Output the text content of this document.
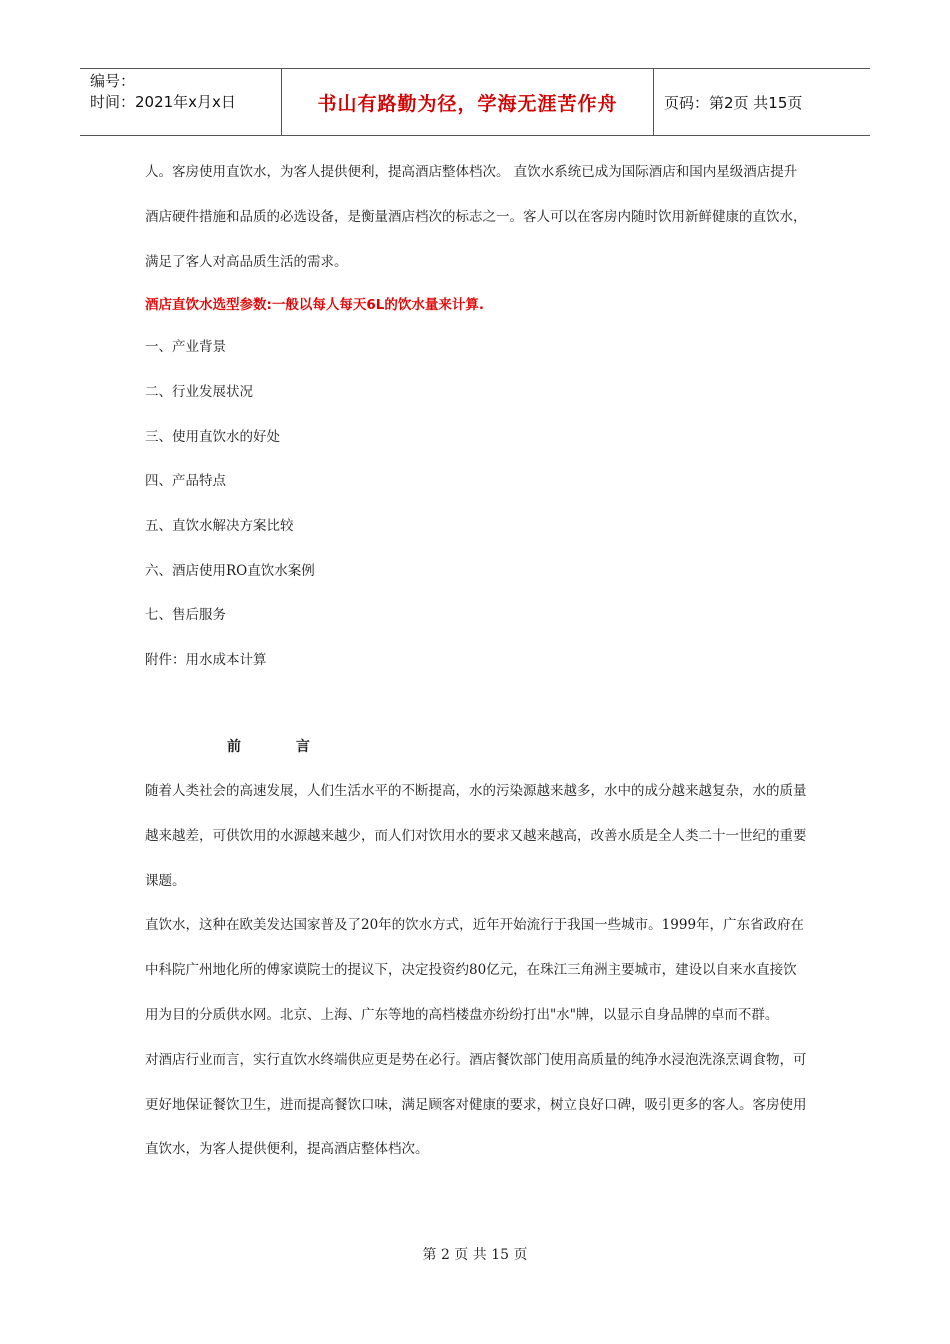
编号：
时间：2021年x月x日	书山有路勤为径，学海无涯苦作舟	页码：第2页 共15页

人。客房使用直饮水，为客人提供便利，提高酒店整体档次。 直饮水系统已成为国际酒店和国内星级酒店提升酒店硬件措施和品质的必选设备，是衡量酒店档次的标志之一。客人可以在客房内随时饮用新鲜健康的直饮水，满足了客人对高品质生活的需求。

酒店直饮水选型参数:一般以每人每天6L的饮水量来计算.
一、产业背景
二、行业发展状况
三、使用直饮水的好处
四、产品特点
五、直饮水解决方案比较
六、酒店使用RO直饮水案例
七、售后服务
附件：用水成本计算
前	言

随着人类社会的高速发展，人们生活水平的不断提高，水的污染源越来越多，水中的成分越来越复杂，水的质量越来越差，可供饮用的水源越来越少，而人们对饮用水的要求又越来越高，改善水质是全人类二十一世纪的重要课题。

直饮水，这种在欧美发达国家普及了20年的饮水方式，近年开始流行于我国一些城市。1999年，广东省政府在中科院广州地化所的傅家谟院士的提议下，决定投资约80亿元，在珠江三角洲主要城市，建设以自来水直接饮用为目的分质供水网。北京、上海、广东等地的高档楼盘亦纷纷打出"水"牌，以显示自身品牌的卓而不群。

对酒店行业而言，实行直饮水终端供应更是势在必行。酒店餐饮部门使用高质量的纯净水浸泡洗涤烹调食物，可更好地保证餐饮卫生，进而提高餐饮口味，满足顾客对健康的要求，树立良好口碑，吸引更多的客人。客房使用直饮水，为客人提供便利，提高酒店整体档次。

第 2 页 共 15 页
